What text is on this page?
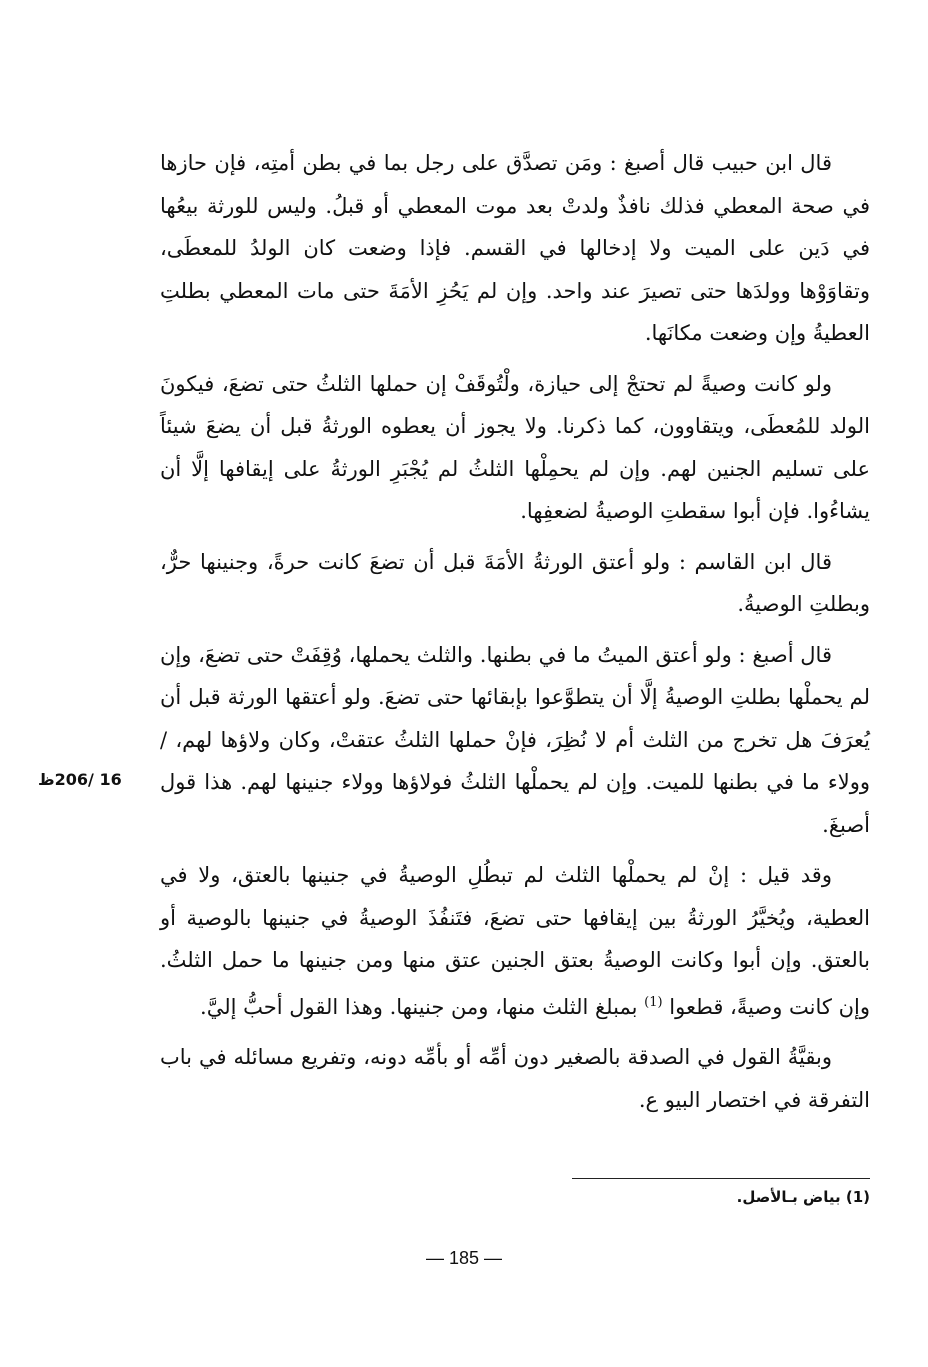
قال ابن حبيب قال أصبغ : ومَن تصدَّق على رجل بما في بطن أمتِه، فإن حازها في صحة المعطي فذلك نافذٌ ولدتْ بعد موت المعطي أو قبلُ. وليس للورثة بيعُها في دَين على الميت ولا إدخالها في القسم. فإذا وضعت كان الولدُ للمعطَى، وتقاوَوْها وولدَها حتى تصيرَ عند واحد. وإن لم يَحُزِ الأمَةَ حتى مات المعطي بطلتِ العطيةُ وإن وضعت مكانَها.

ولو كانت وصيةً لم تحتجْ إلى حيازة، ولْتُوقَفْ إن حملها الثلثُ حتى تضعَ، فيكونَ الولد للمُعطَى، ويتقاوون، كما ذكرنا. ولا يجوز أن يعطوه الورثةُ قبل أن يضعَ شيئاً على تسليم الجنين لهم. وإن لم يحمِلْها الثلثُ لم يُجْبَرِ الورثةُ على إيقافها إلَّا أن يشاءُوا. فإن أبوا سقطتِ الوصيةُ لضعفِها.

قال ابن القاسم : ولو أعتق الورثةُ الأمَةَ قبل أن تضعَ كانت حرةً، وجنينها حرٌّ، وبطلتِ الوصيةُ.

قال أصبغ : ولو أعتق الميتُ ما في بطنها. والثلث يحملها، وُقِفَتْ حتى تضعَ، وإن لم يحملْها بطلتِ الوصيةُ إلَّا أن يتطوَّعوا بإبقائها حتى تضعَ. ولو أعتقها الورثة قبل أن يُعرَفَ هل تخرج من الثلث أم لا نُظِرَ، فإنْ حملها الثلثُ عتقتْ، وكان ولاؤها لهم، / وولاء ما في بطنها للميت. وإن لم يحملْها الثلثُ فولاؤها وولاء جنينها لهم. هذا قول أصبغَ.

وقد قيل : إنْ لم يحملْها الثلث لم تبطُلِ الوصيةُ في جنينها بالعتق، ولا في العطية، ويُخيَّرُ الورثةُ بين إيقافها حتى تضعَ، فتَنفُذَ الوصيةُ في جنينها بالوصية أو بالعتق. وإن أبوا وكانت الوصيةُ بعتق الجنين عتق منها ومن جنينها ما حمل الثلثُ. وإن كانت وصيةً، قطعوا $^{(1)}$ بمبلغ الثلث منها، ومن جنينها. وهذا القول أحبُّ إليَّ.

وبقيَّةُ القول في الصدقة بالصغير دون أمِّه أو بأمِّه دونه، وتفريع مسائله في باب التفرقة في اختصار البيو ع.

16 /206ظ
(1) بياض بـالأصل.
— 185 —
